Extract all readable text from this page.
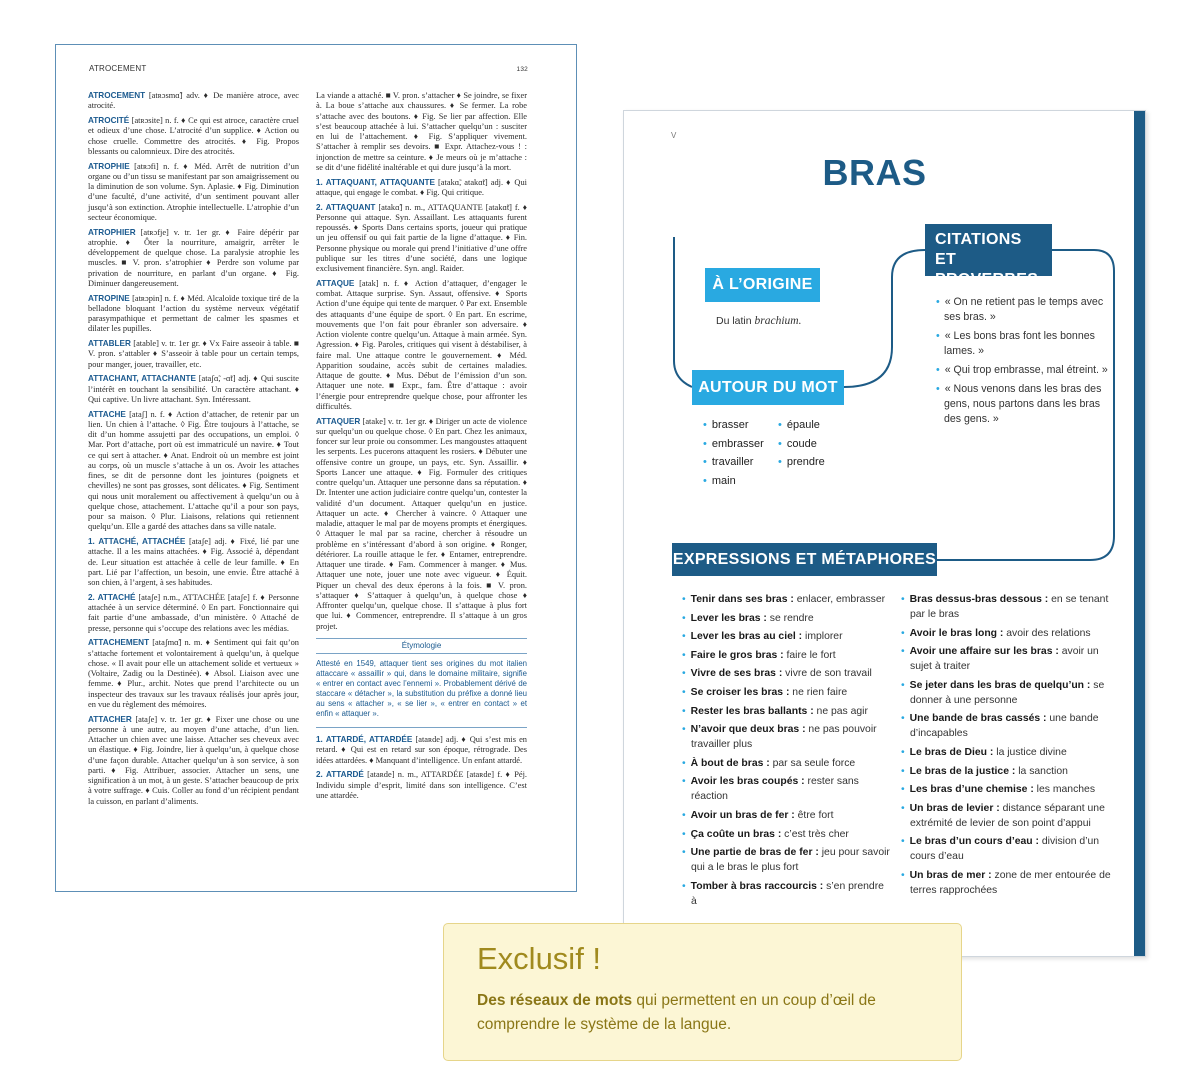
ATROCEMENT	132
ATROCEMENT [atʀɔsmɑ̃] adv. ♦ De manière atroce, avec atrocité.
ATROCITÉ [atʀɔsite] n. f. ♦ Ce qui est atroce, caractère cruel et odieux d’une chose. L’atrocité d’un supplice. ♦ Action ou chose cruelle. Commettre des atrocités. ♦ Fig. Propos blessants ou calomnieux. Dire des atrocités.
ATROPHIE [atʀɔfi] n. f. ♦ Méd. Arrêt de nutrition d’un organe ou d’un tissu se manifestant par son amaigrissement ou la diminution de son volume. Syn. Aplasie. ♦ Fig. Diminution d’une faculté, d’une activité, d’un sentiment pouvant aller jusqu’à son extinction. Atrophie intellectuelle. L’atrophie d’un secteur économique.
ATROPHIER [atʀɔfje] v. tr. 1er gr. ♦ Faire dépérir par atrophie. ♦ Ôter la nourriture, amaigrir, arrêter le développement de quelque chose. La paralysie atrophie les muscles. ■ V. pron. s’atrophier ♦ Perdre son volume par privation de nourriture, en parlant d’un organe. ♦ Fig. Diminuer dangereusement.
ATROPINE [atʀɔpin] n. f. ♦ Méd. Alcaloïde toxique tiré de la belladone bloquant l’action du système nerveux végétatif parasympathique et permettant de calmer les spasmes et dilater les pupilles.
ATTABLER [atable] v. tr. 1er gr. ♦ Vx Faire asseoir à table. ■ V. pron. s’attabler ♦ S’asseoir à table pour un certain temps, pour manger, jouer, travailler, etc.
ATTACHANT, ATTACHANTE [ataʃɑ̃, -ɑ̃t] adj. ♦ Qui suscite l’intérêt en touchant la sensibilité. Un caractère attachant. ♦ Qui captive. Un livre attachant. Syn. Intéressant.
ATTACHE [ataʃ] n. f. ♦ Action d’attacher, de retenir par un lien. Un chien à l’attache. ◊ Fig. Être toujours à l’attache, se dit d’un homme assujetti par des occupations, un emploi. ◊ Mar. Port d’attache, port où est immatriculé un navire. ♦ Tout ce qui sert à attacher. ♦ Anat. Endroit où un membre est joint au corps, où un muscle s’attache à un os. Avoir les attaches fines, se dit de personne dont les jointures (poignets et chevilles) ne sont pas grosses, sont délicates. ♦ Fig. Sentiment qui nous unit moralement ou affectivement à quelqu’un ou à quelque chose, attachement. L’attache qu’il a pour son pays, pour sa maison. ◊ Plur. Liaisons, relations qui retiennent quelqu’un. Elle a gardé des attaches dans sa ville natale.
1. ATTACHÉ, ATTACHÉE [ataʃe] adj. ♦ Fixé, lié par une attache. Il a les mains attachées. ♦ Fig. Associé à, dépendant de. Leur situation est attachée à celle de leur famille. ♦ En part. Lié par l’affection, un besoin, une envie. Être attaché à son chien, à l’argent, à ses habitudes.
2. ATTACHÉ [ataʃe] n.m., ATTACHÉE [ataʃe] f. ♦ Personne attachée à un service déterminé. ◊ En part. Fonctionnaire qui fait partie d’une ambassade, d’un ministère. ◊ Attaché de presse, personne qui s’occupe des relations avec les médias.
ATTACHEMENT [ataʃmɑ̃] n. m. ♦ Sentiment qui fait qu’on s’attache fortement et volontairement à quelqu’un, à quelque chose. « Il avait pour elle un attachement solide et vertueux » (Voltaire, Zadig ou la Destinée). ♦ Absol. Liaison avec une femme. ♦ Plur., archit. Notes que prend l’architecte ou un inspecteur des travaux sur les travaux réalisés jour après jour, en vue du règlement des mémoires.
ATTACHER [ataʃe] v. tr. 1er gr. ♦ Fixer une chose ou une personne à une autre, au moyen d’une attache, d’un lien. Attacher un chien avec une laisse. Attacher ses cheveux avec un élastique. ♦ Fig. Joindre, lier à quelqu’un, à quelque chose d’une façon durable. Attacher quelqu’un à son service, à son parti. ♦ Fig. Attribuer, associer. Attacher un sens, une signification à un mot, à un geste. S’attacher beaucoup de prix à votre suffrage. ♦ Cuis. Coller au fond d’un récipient pendant la cuisson, en parlant d’aliments.
La viande a attaché. ■ V. pron. s’attacher ♦ Se joindre, se fixer à. La boue s’attache aux chaussures. ♦ Se fermer. La robe s’attache avec des boutons. ♦ Fig. Se lier par affection. Elle s’est beaucoup attachée à lui. S’attacher quelqu’un : susciter en lui de l’attachement. ♦ Fig. S’appliquer vivement. S’attacher à remplir ses devoirs. ■ Expr. Attachez-vous ! : injonction de mettre sa ceinture. ♦ Je meurs où je m’attache : se dit d’une fidélité inaltérable et qui dure jusqu’à la mort.
1. ATTAQUANT, ATTAQUANTE [atakɑ̃, atakɑ̃t] adj. ♦ Qui attaque, qui engage le combat. ♦ Fig. Qui critique.
2. ATTAQUANT [atakɑ̃] n. m., ATTAQUANTE [atakɑ̃t] f. ♦ Personne qui attaque. Syn. Assaillant. Les attaquants furent repoussés. ♦ Sports Dans certains sports, joueur qui pratique un jeu offensif ou qui fait partie de la ligne d’attaque. ♦ Fin. Personne physique ou morale qui prend l’initiative d’une offre publique sur les titres d’une société, dans une logique exclusivement financière. Syn. angl. Raider.
ATTAQUE [atak] n. f. ♦ Action d’attaquer, d’engager le combat. Attaque surprise. Syn. Assaut, offensive. ♦ Sports Action d’une équipe qui tente de marquer. ◊ Par ext. Ensemble des attaquants d’une équipe de sport. ◊ En part. En escrime, mouvements que l’on fait pour ébranler son adversaire. ♦ Action violente contre quelqu’un. Attaque à main armée. Syn. Agression. ♦ Fig. Paroles, critiques qui visent à déstabiliser, à faire mal. Une attaque contre le gouvernement. ♦ Méd. Apparition soudaine, accès subit de certaines maladies. Attaque de goutte. ♦ Mus. Début de l’émission d’un son. Attaquer une note. ■ Expr., fam. Être d’attaque : avoir l’énergie pour entreprendre quelque chose, pour affronter les difficultés.
ATTAQUER [atake] v. tr. 1er gr. ♦ Diriger un acte de violence sur quelqu’un ou quelque chose. ◊ En part. Chez les animaux, foncer sur leur proie ou consommer. Les mangoustes attaquent les serpents. Les pucerons attaquent les rosiers. ♦ Débuter une offensive contre un groupe, un pays, etc. Syn. Assaillir. ♦ Sports Lancer une attaque. ♦ Fig. Formuler des critiques contre quelqu’un. Attaquer une personne dans sa réputation. ♦ Dr. Intenter une action judiciaire contre quelqu’un, contester la validité d’un document. Attaquer quelqu’un en justice. Attaquer un acte. ♦ Chercher à vaincre. ◊ Attaquer une maladie, attaquer le mal par de moyens prompts et énergiques. ◊ Attaquer le mal par sa racine, chercher à résoudre un problème en s’intéressant d’abord à son origine. ♦ Ronger, détériorer. La rouille attaque le fer. ♦ Entamer, entreprendre. Attaquer une tirade. ♦ Fam. Commencer à manger. ♦ Mus. Attaquer une note, jouer une note avec vigueur. ♦ Équit. Piquer un cheval des deux éperons à la fois. ■ V. pron. s’attaquer ♦ S’attaquer à quelqu’un, à quelque chose ♦ Affronter quelqu’un, quelque chose. Il s’attaque à plus fort que lui. ♦ Commencer, entreprendre. Il s’attaque à un gros projet.
Étymologie
Attesté en 1549, attaquer tient ses origines du mot italien attaccare « assaillir » qui, dans le domaine militaire, signifie « entrer en contact avec l’ennemi ». Probablement dérivé de staccare « détacher », la substitution du préfixe a donné lieu au sens « attacher », « se lier », « entrer en contact » et enfin « attaquer ».
1. ATTARDÉ, ATTARDÉE [ataʀde] adj. ♦ Qui s’est mis en retard. ♦ Qui est en retard sur son époque, rétrograde. Des idées attardées. ♦ Manquant d’intelligence. Un enfant attardé.
2. ATTARDÉ [ataʀde] n. m., ATTARDÉE [ataʀde] f. ♦ Péj. Individu simple d’esprit, limité dans son intelligence. C’est une attardée.
V
BRAS
À L’ORIGINE
Du latin brachium.
AUTOUR DU MOT
• brasser
• embrasser
• travailler
• main
• épaule
• coude
• prendre
CITATIONS ET
PROVERBES
• « On ne retient pas le temps avec ses bras. »
• « Les bons bras font les bonnes lames. »
• « Qui trop embrasse, mal étreint. »
• « Nous venons dans les bras des gens, nous partons dans les bras des gens. »
EXPRESSIONS ET MÉTAPHORES
• Tenir dans ses bras : enlacer, embrasser
• Lever les bras : se rendre
• Lever les bras au ciel : implorer
• Faire le gros bras : faire le fort
• Vivre de ses bras : vivre de son travail
• Se croiser les bras : ne rien faire
• Rester les bras ballants : ne pas agir
• N’avoir que deux bras : ne pas pouvoir travailler plus
• À bout de bras : par sa seule force
• Avoir les bras coupés : rester sans réaction
• Avoir un bras de fer : être fort
• Ça coûte un bras : c’est très cher
• Une partie de bras de fer : jeu pour savoir qui a le bras le plus fort
• Tomber à bras raccourcis : s’en prendre à
• Bras dessus-bras dessous : en se tenant par le bras
• Avoir le bras long : avoir des relations
• Avoir une affaire sur les bras : avoir un sujet à traiter
• Se jeter dans les bras de quelqu’un : se donner à une personne
• Une bande de bras cassés : une bande d’incapables
• Le bras de Dieu : la justice divine
• Le bras de la justice : la sanction
• Les bras d’une chemise : les manches
• Un bras de levier : distance séparant une extrémité de levier de son point d’appui
• Le bras d’un cours d’eau : division d’un cours d’eau
• Un bras de mer : zone de mer entourée de terres rapprochées
Exclusif !
Des réseaux de mots qui permettent en un coup d’œil de comprendre le système de la langue.
